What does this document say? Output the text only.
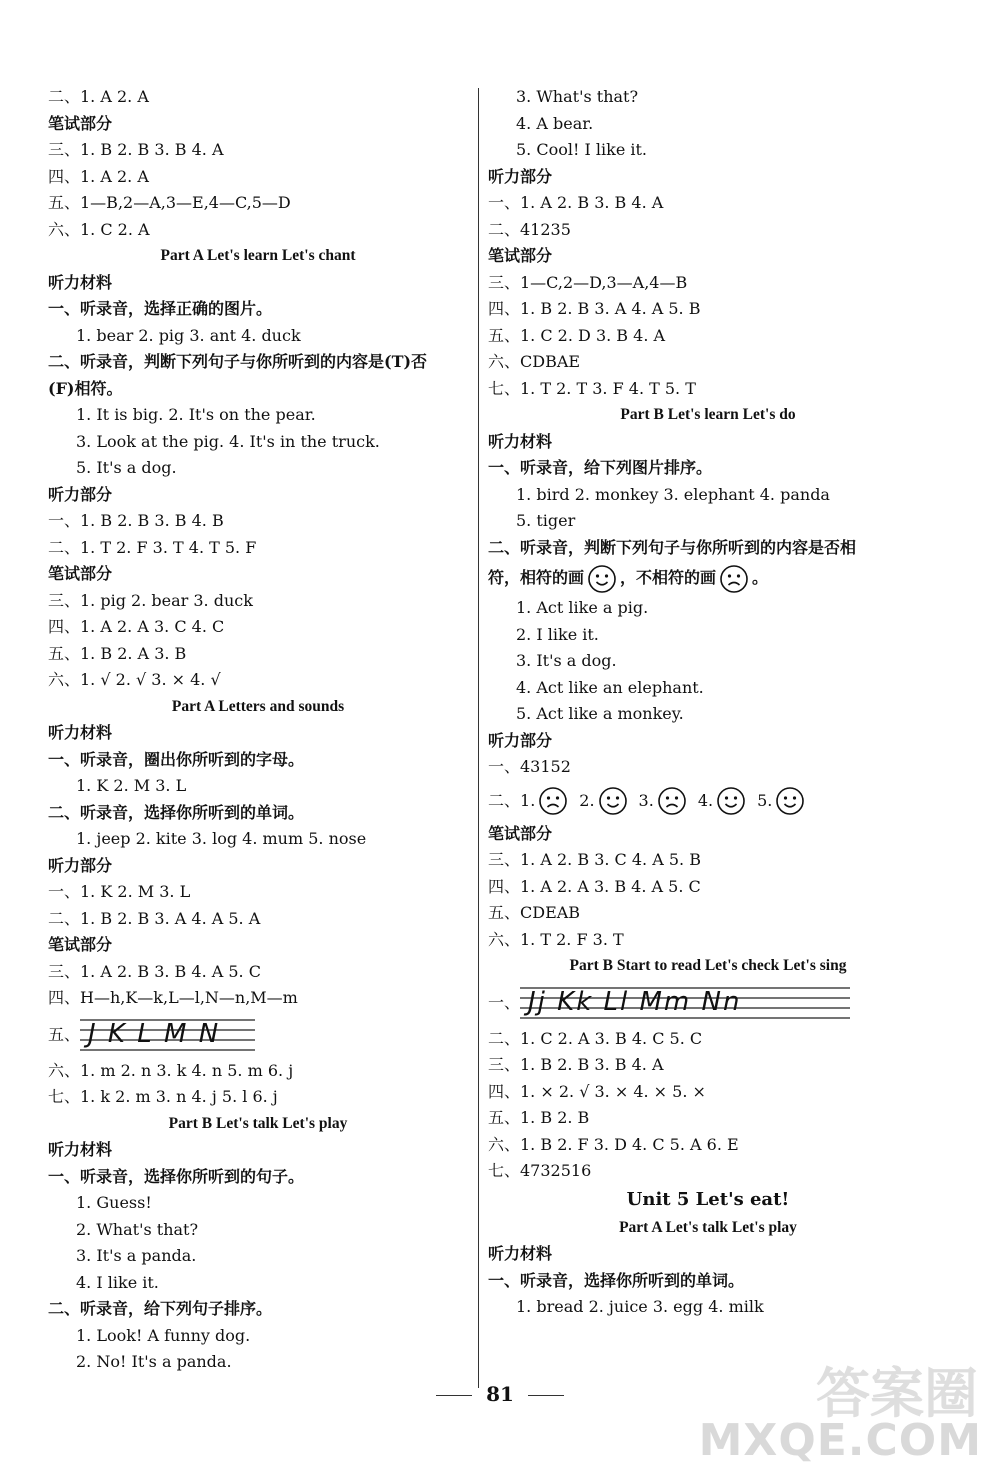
二、1. A 2. A
笔试部分
三、1. B 2. B 3. B 4. A
四、1. A 2. A
五、1—B,2—A,3—E,4—C,5—D
六、1. C 2. A
Part A Let's learn Let's chant
听力材料
一、听录音，选择正确的图片。
1. bear 2. pig 3. ant 4. duck
二、听录音，判断下列句子与你所听到的内容是(T)否
(F)相符。
1. It is big. 2. It's on the pear.
3. Look at the pig. 4. It's in the truck.
5. It's a dog.
听力部分
一、1. B 2. B 3. B 4. B
二、1. T 2. F 3. T 4. T 5. F
笔试部分
三、1. pig 2. bear 3. duck
四、1. A 2. A 3. C 4. C
五、1. B 2. A 3. B
六、1. √ 2. √ 3. × 4. √
Part A Letters and sounds
听力材料
一、听录音，圈出你所听到的字母。
1. K 2. M 3. L
二、听录音，选择你所听到的单词。
1. jeep 2. kite 3. log 4. mum 5. nose
听力部分
一、1. K 2. M 3. L
二、1. B 2. B 3. A 4. A 5. A
笔试部分
三、1. A 2. B 3. B 4. A 5. C
四、H—h,K—k,L—l,N—n,M—m
五、 J K L M N
六、1. m 2. n 3. k 4. n 5. m 6. j
七、1. k 2. m 3. n 4. j 5. l 6. j
Part B Let's talk Let's play
听力材料
一、听录音，选择你所听到的句子。
1. Guess!
2. What's that?
3. It's a panda.
4. I like it.
二、听录音，给下列句子排序。
1. Look! A funny dog.
2. No! It's a panda.
3. What's that?
4. A bear.
5. Cool! I like it.
听力部分
一、1. A 2. B 3. B 4. A
二、41235
笔试部分
三、1—C,2—D,3—A,4—B
四、1. B 2. B 3. A 4. A 5. B
五、1. C 2. D 3. B 4. A
六、CDBAE
七、1. T 2. T 3. F 4. T 5. T
Part B Let's learn Let's do
听力材料
一、听录音，给下列图片排序。
1. bird 2. monkey 3. elephant 4. panda
5. tiger
二、听录音，判断下列句子与你所听到的内容是否相
符，相符的画 ，不相符的画 。
1. Act like a pig.
2. I like it.
3. It's a dog.
4. Act like an elephant.
5. Act like a monkey.
听力部分
一、43152
二、1.	2.	3.	4.	5.
笔试部分
三、1. A 2. B 3. C 4. A 5. B
四、1. A 2. A 3. B 4. A 5. C
五、CDEAB
六、1. T 2. F 3. T
Part B Start to read Let's check Let's sing
一、 Jj Kk Ll Mm Nn
二、1. C 2. A 3. B 4. C 5. C
三、1. B 2. B 3. B 4. A
四、1. × 2. √ 3. × 4. × 5. ×
五、1. B 2. B
六、1. B 2. F 3. D 4. C 5. A 6. E
七、4732516
Unit 5 Let's eat!
Part A Let's talk Let's play
听力材料
一、听录音，选择你所听到的单词。
1. bread 2. juice 3. egg 4. milk
81	答案圈
MXQE.COM
